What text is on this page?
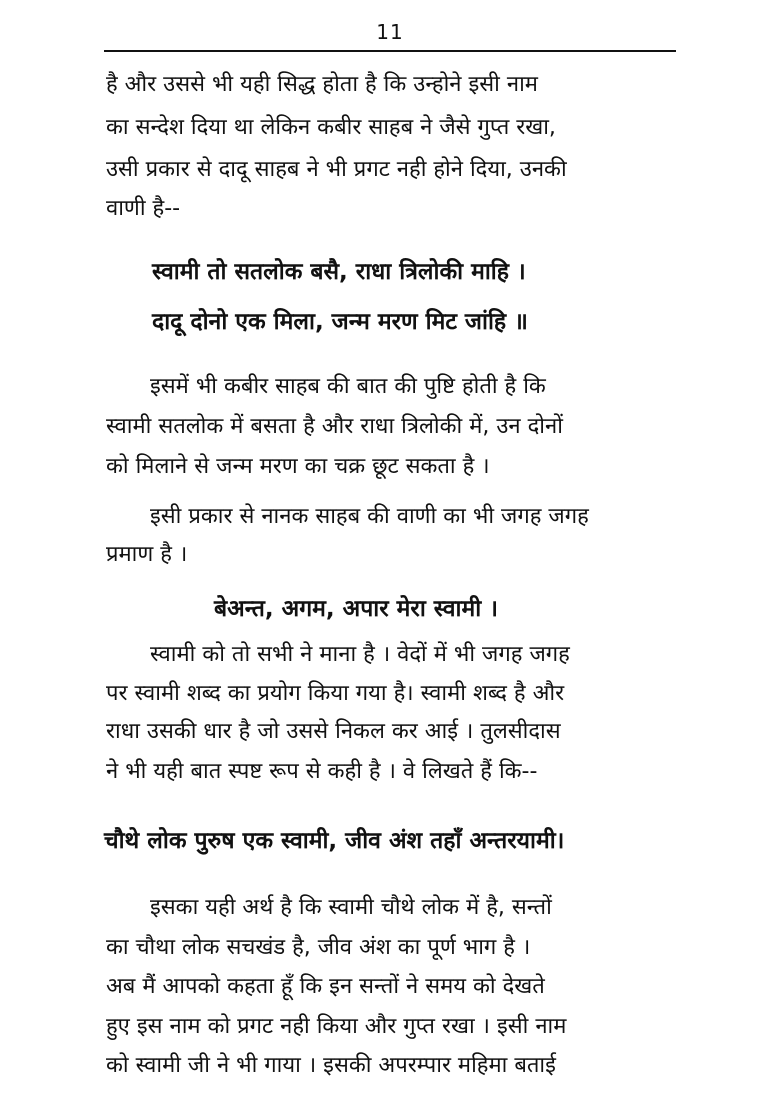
11
है और उससे भी यही सिद्ध होता है कि उन्होने इसी नाम
का सन्देश दिया था लेकिन कबीर साहब ने जैसे गुप्त रखा,
उसी प्रकार से दादू साहब ने भी प्रगट नही होने दिया, उनकी
वाणी है--
स्वामी तो सतलोक बसै, राधा त्रिलोकी माहि ।
दादू दोनो एक मिला, जन्म मरण मिट जांहि ॥
इसमें भी कबीर साहब की बात की पुष्टि होती है कि
स्वामी सतलोक में बसता है और राधा त्रिलोकी में, उन दोनों
को मिलाने से जन्म मरण का चक्र छूट सकता है ।
इसी प्रकार से नानक साहब की वाणी का भी जगह जगह
प्रमाण है ।
बेअन्त, अगम, अपार मेरा स्वामी ।
स्वामी को तो सभी ने माना है । वेदों में भी जगह जगह
पर स्वामी शब्द का प्रयोग किया गया है। स्वामी शब्द है और
राधा उसकी धार है जो उससे निकल कर आई । तुलसीदास
ने भी यही बात स्पष्ट रूप से कही है । वे लिखते हैं कि--
चौथे लोक पुरुष एक स्वामी, जीव अंश तहाँ अन्तरयामी।
इसका यही अर्थ है कि स्वामी चौथे लोक में है, सन्तों
का चौथा लोक सचखंड है, जीव अंश का पूर्ण भाग है ।
अब मैं आपको कहता हूँ कि इन सन्तों ने समय को देखते
हुए इस नाम को प्रगट नही किया और गुप्त रखा । इसी नाम
को स्वामी जी ने भी गाया । इसकी अपरम्पार महिमा बताई
